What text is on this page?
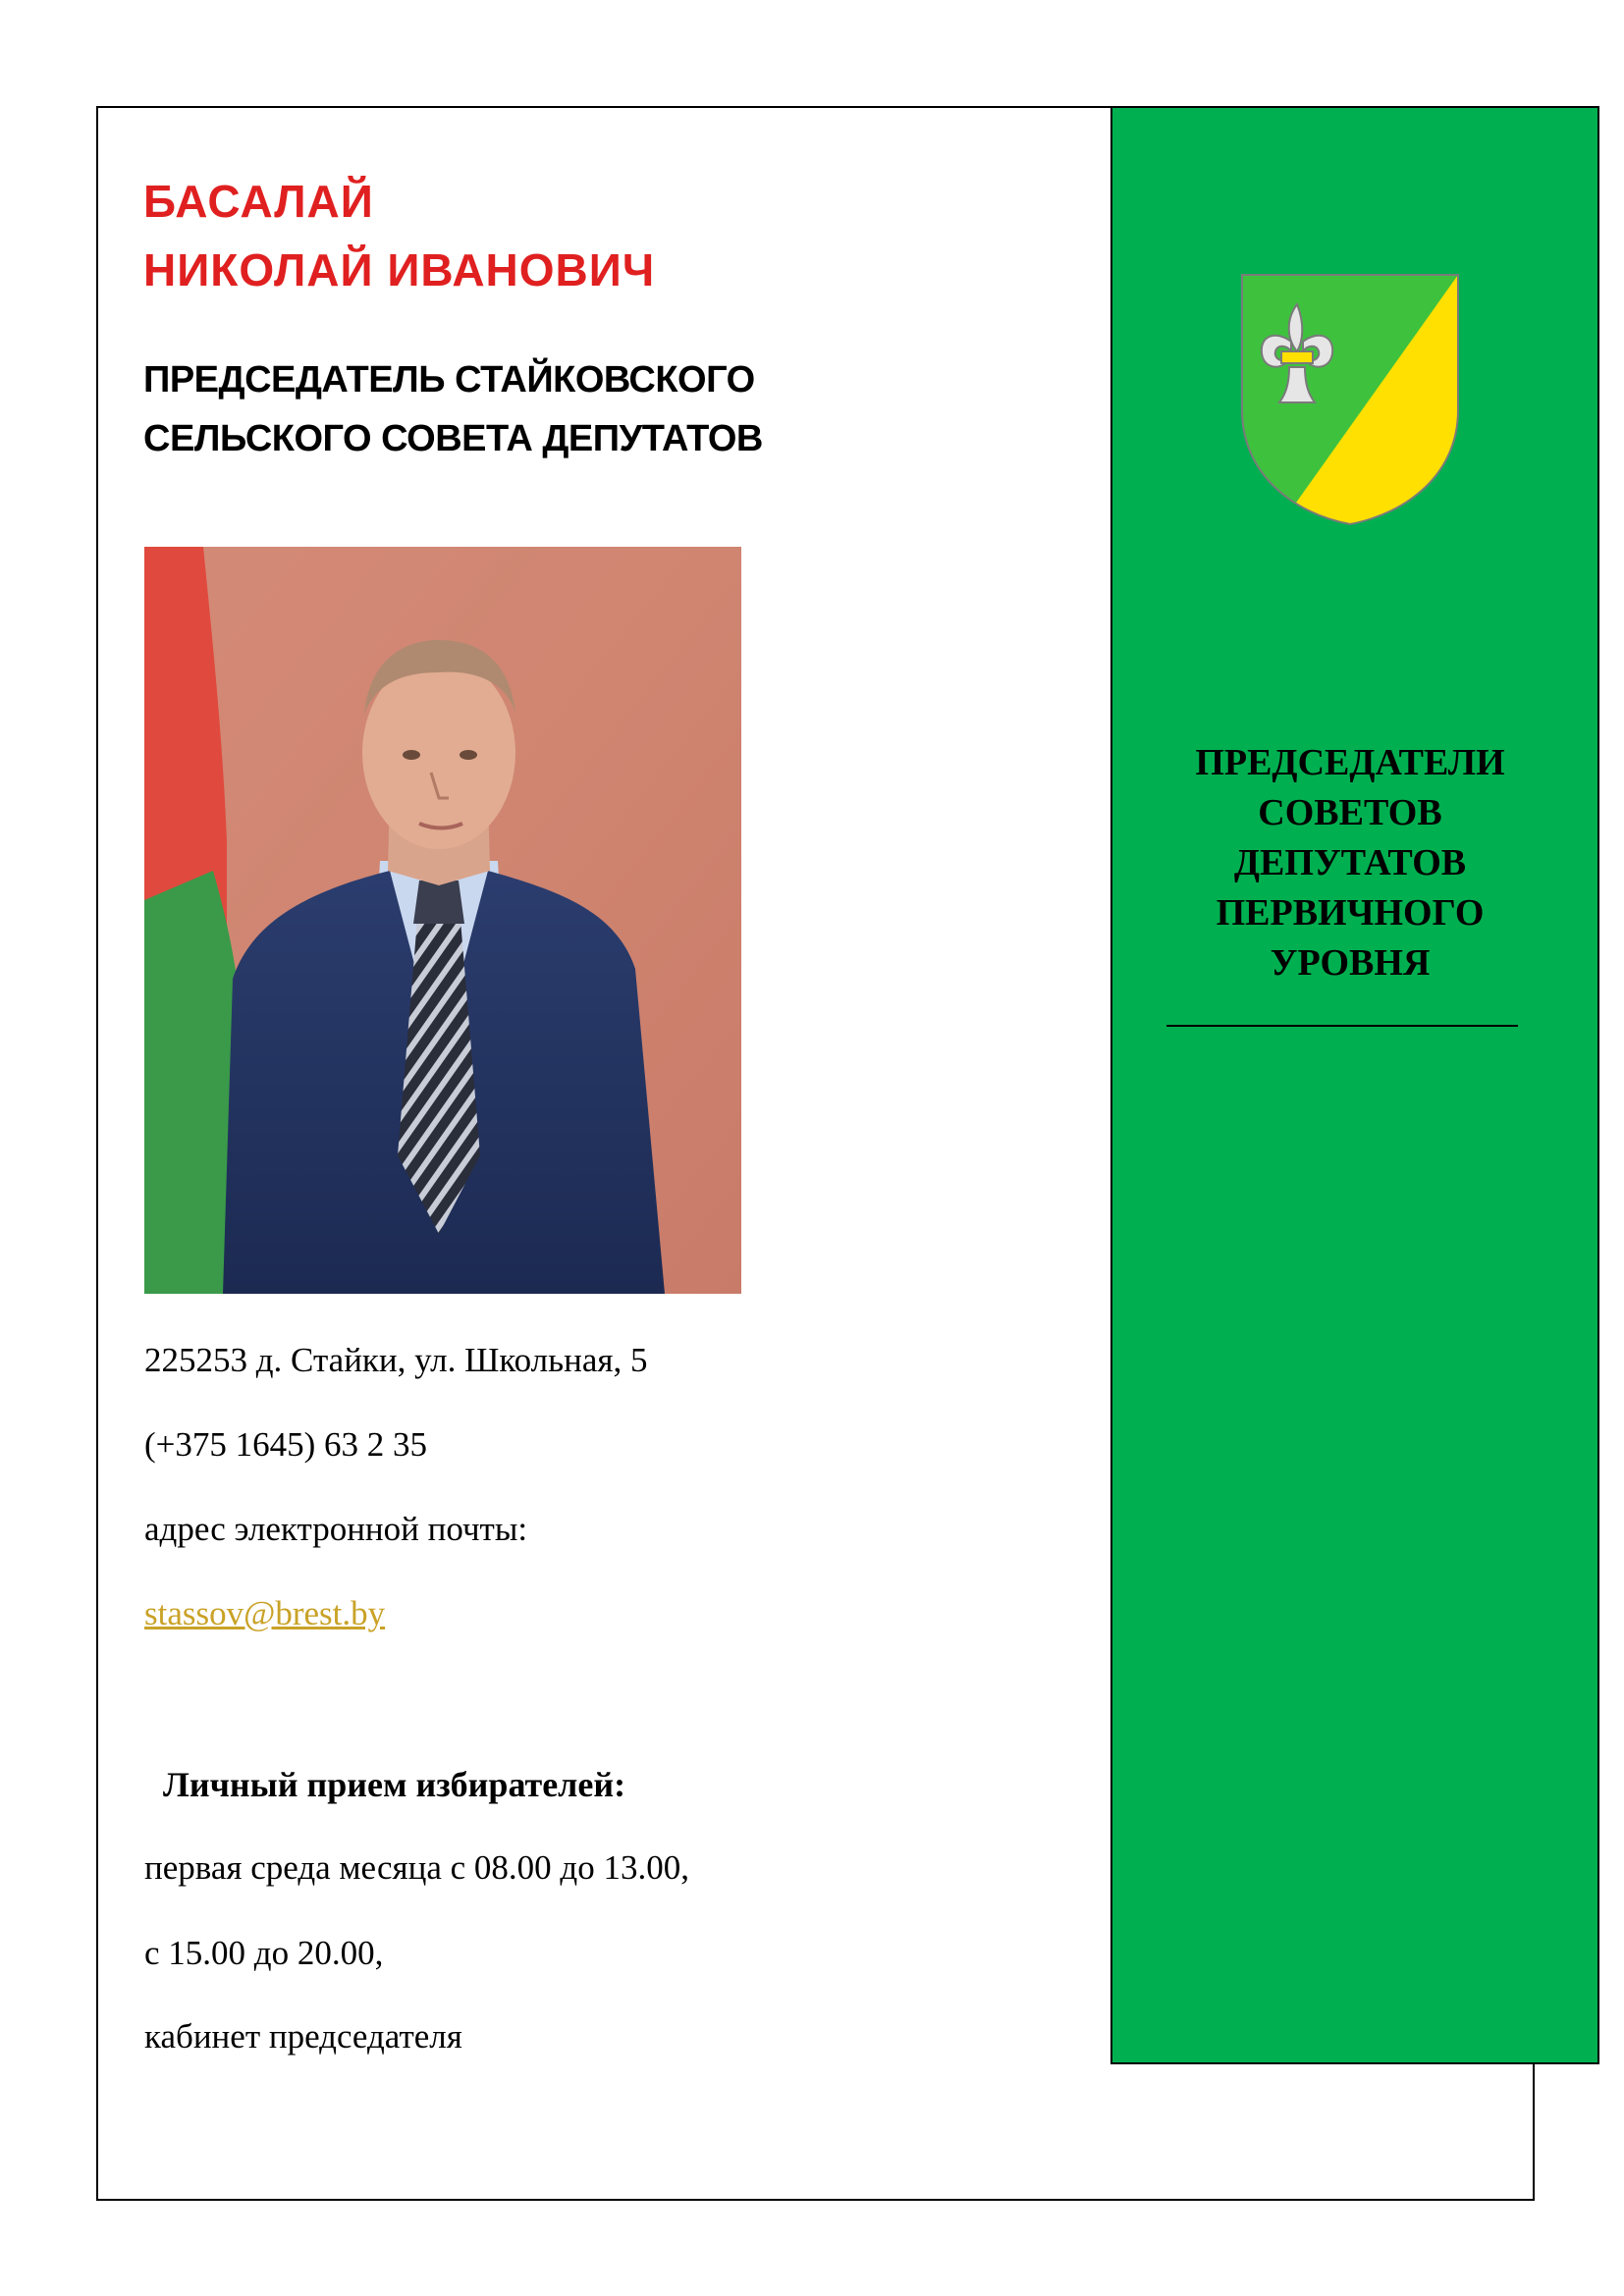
ПРЕДСЕДАТЕЛИ
СОВЕТОВ
ДЕПУТАТОВ
ПЕРВИЧНОГО
УРОВНЯ
БАСАЛАЙ
НИКОЛАЙ ИВАНОВИЧ
ПРЕДСЕДАТЕЛЬ СТАЙКОВСКОГО
СЕЛЬСКОГО СОВЕТА ДЕПУТАТОВ
225253 д. Стайки, ул. Школьная, 5
(+375 1645) 63 2 35
адрес электронной почты:
stassov@brest.by
Личный прием избирателей:
первая среда месяца с 08.00 до 13.00,
с 15.00 до 20.00,
кабинет председателя
